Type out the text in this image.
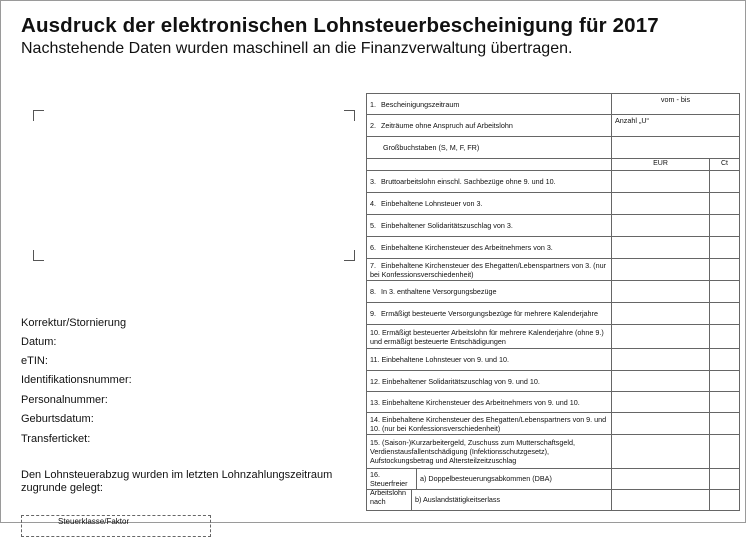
Ausdruck der elektronischen Lohnsteuerbescheinigung für 2017
Nachstehende Daten wurden maschinell an die Finanzverwaltung übertragen.
Korrektur/Stornierung
Datum:
eTIN:
Identifikationsnummer:
Personalnummer:
Geburtsdatum:
Transferticket:
Den Lohnsteuerabzug wurden im letzten Lohnzahlungszeitraum zugrunde gelegt:
Steuerklasse/Faktor
1. Bescheinigungszeitraum	vom - bis	
2. Zeiträume ohne Anspruch auf Arbeitslohn	Anzahl „U“	
Großbuchstaben (S, M, F, FR)		
	EUR	Ct
3. Bruttoarbeitslohn einschl. Sachbezüge ohne 9. und 10.		
4. Einbehaltene Lohnsteuer von 3.		
5. Einbehaltener Solidaritätszuschlag von 3.		
6. Einbehaltene Kirchensteuer des Arbeitnehmers von 3.		
7. Einbehaltene Kirchensteuer des Ehegatten/Lebenspartners von 3. (nur bei Konfessionsverschiedenheit)		
8. In 3. enthaltene Versorgungsbezüge		
9. Ermäßigt besteuerte Versorgungsbezüge für mehrere Kalenderjahre		
10. Ermäßigt besteuerter Arbeitslohn für mehrere Kalenderjahre (ohne 9.) und ermäßigt besteuerte Entschädigungen		
11. Einbehaltene Lohnsteuer von 9. und 10.		
12. Einbehaltener Solidaritätszuschlag von 9. und 10.		
13. Einbehaltene Kirchensteuer des Arbeitnehmers von 9. und 10.		
14. Einbehaltene Kirchensteuer des Ehegatten/Lebenspartners von 9. und 10. (nur bei Konfessionsverschiedenheit)		
15. (Saison-)Kurzarbeitergeld, Zuschuss zum Mutterschaftsgeld, Verdienstausfallentschädigung (Infektionsschutzgesetz), Aufstockungsbetrag und Altersteilzeitzuschlag		

16. Steuerfreier Arbeitslohn nach
a) Doppelbesteuerungsabkommen (DBA)		

b) Auslandstätigkeitserlass		
